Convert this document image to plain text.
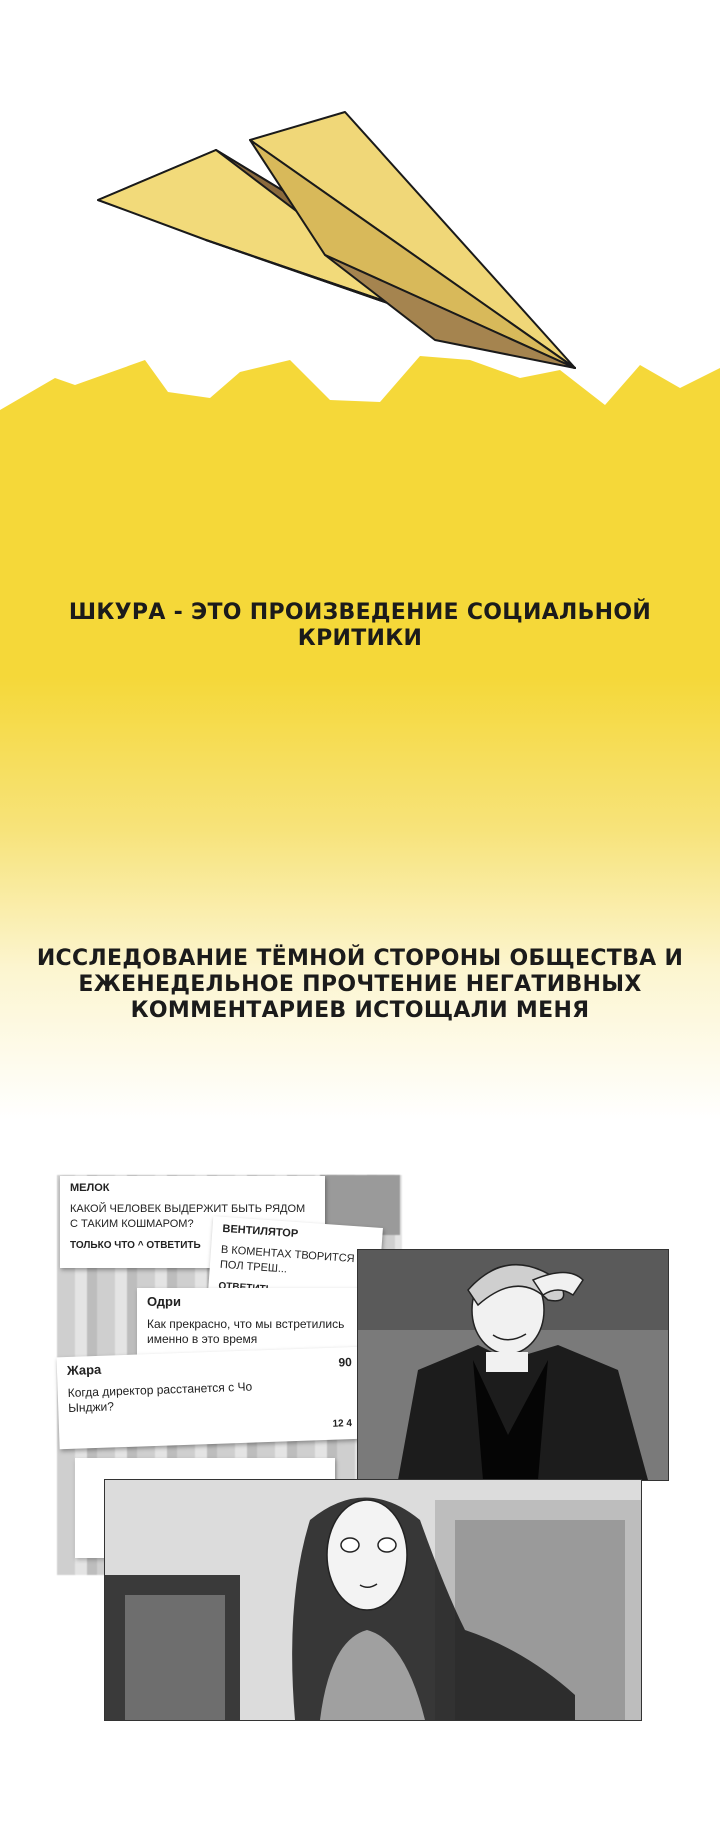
ШКУРА - ЭТО ПРОИЗВЕДЕНИЕ СОЦИАЛЬНОЙ
КРИТИКИ
ИССЛЕДОВАНИЕ ТЁМНОЙ СТОРОНЫ ОБЩЕСТВА И
ЕЖЕНЕДЕЛЬНОЕ ПРОЧТЕНИЕ НЕГАТИВНЫХ
КОММЕНТАРИЕВ ИСТОЩАЛИ МЕНЯ
МЕЛОК
КАКОЙ ЧЕЛОВЕК ВЫДЕРЖИТ БЫТЬ РЯДОМ С ТАКИМ КОШМАРОМ?
ТОЛЬКО ЧТО ^ ОТВЕТИТЬ
ВЕНТИЛЯТОР
В КОМЕНТАХ ТВОРИТСЯ ПОЛ ТРЕШ...
Одри
Как прекрасно, что мы встретились именно в это время
Жара	90
Когда директор расстанется с Чо Ынджи?
12 4
